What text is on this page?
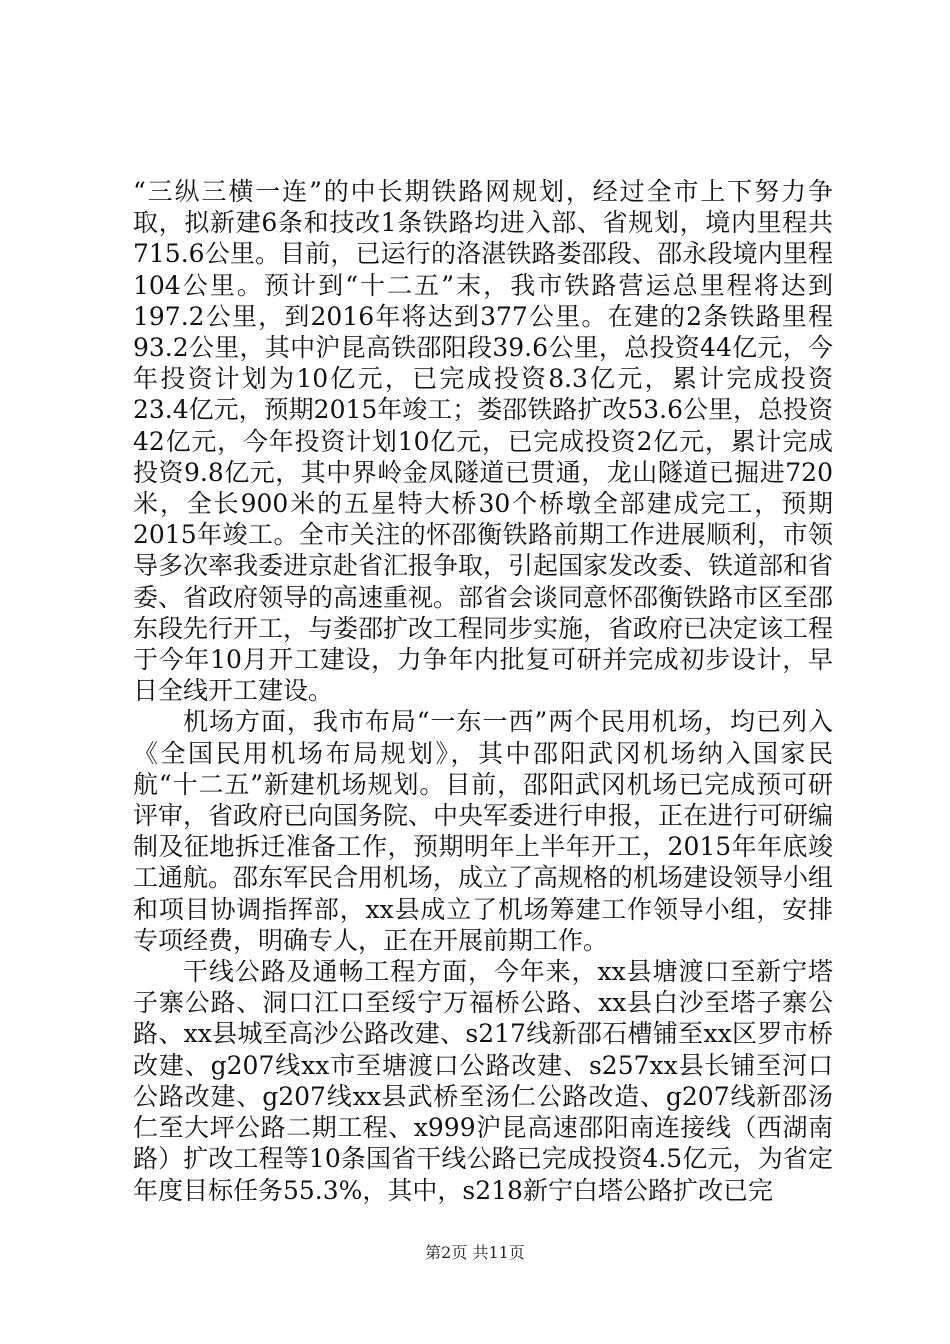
“三纵三横一连”的中长期铁路网规划，经过全市上下努力争取，拟新建6条和技改1条铁路均进入部、省规划，境内里程共715.6公里。目前，已运行的洛湛铁路娄邵段、邵永段境内里程104公里。预计到“十二五”末，我市铁路营运总里程将达到197.2公里，到2016年将达到377公里。在建的2条铁路里程93.2公里，其中沪昆高铁邵阳段39.6公里，总投资44亿元，今年投资计划为10亿元，已完成投资8.3亿元，累计完成投资23.4亿元，预期2015年竣工；娄邵铁路扩改53.6公里，总投资42亿元，今年投资计划10亿元，已完成投资2亿元，累计完成投资9.8亿元，其中界岭金凤隧道已贯通，龙山隧道已掘进720米，全长900米的五星特大桥30个桥墩全部建成完工，预期2015年竣工。全市关注的怀邵衡铁路前期工作进展顺利，市领导多次率我委进京赴省汇报争取，引起国家发改委、铁道部和省委、省政府领导的高速重视。部省会谈同意怀邵衡铁路市区至邵东段先行开工，与娄邵扩改工程同步实施，省政府已决定该工程于今年10月开工建设，力争年内批复可研并完成初步设计，早日全线开工建设。

机场方面，我市布局“一东一西”两个民用机场，均已列入《全国民用机场布局规划》，其中邵阳武冈机场纳入国家民航“十二五”新建机场规划。目前，邵阳武冈机场已完成预可研评审，省政府已向国务院、中央军委进行申报，正在进行可研编制及征地拆迁准备工作，预期明年上半年开工，2015年年底竣工通航。邵东军民合用机场，成立了高规格的机场建设领导小组和项目协调指挥部，xx县成立了机场筹建工作领导小组，安排专项经费，明确专人，正在开展前期工作。

干线公路及通畅工程方面，今年来，xx县塘渡口至新宁塔子寨公路、洞口江口至绥宁万福桥公路、xx县白沙至塔子寨公路、xx县城至高沙公路改建、s217线新邵石槽铺至xx区罗市桥改建、g207线xx市至塘渡口公路改建、s257xx县长铺至河口公路改建、g207线xx县武桥至汤仁公路改造、g207线新邵汤仁至大坪公路二期工程、x999沪昆高速邵阳南连接线（西湖南路）扩改工程等10条国省干线公路已完成投资4.5亿元，为省定年度目标任务55.3%，其中，s218新宁白塔公路扩改已完

第2页 共11页
